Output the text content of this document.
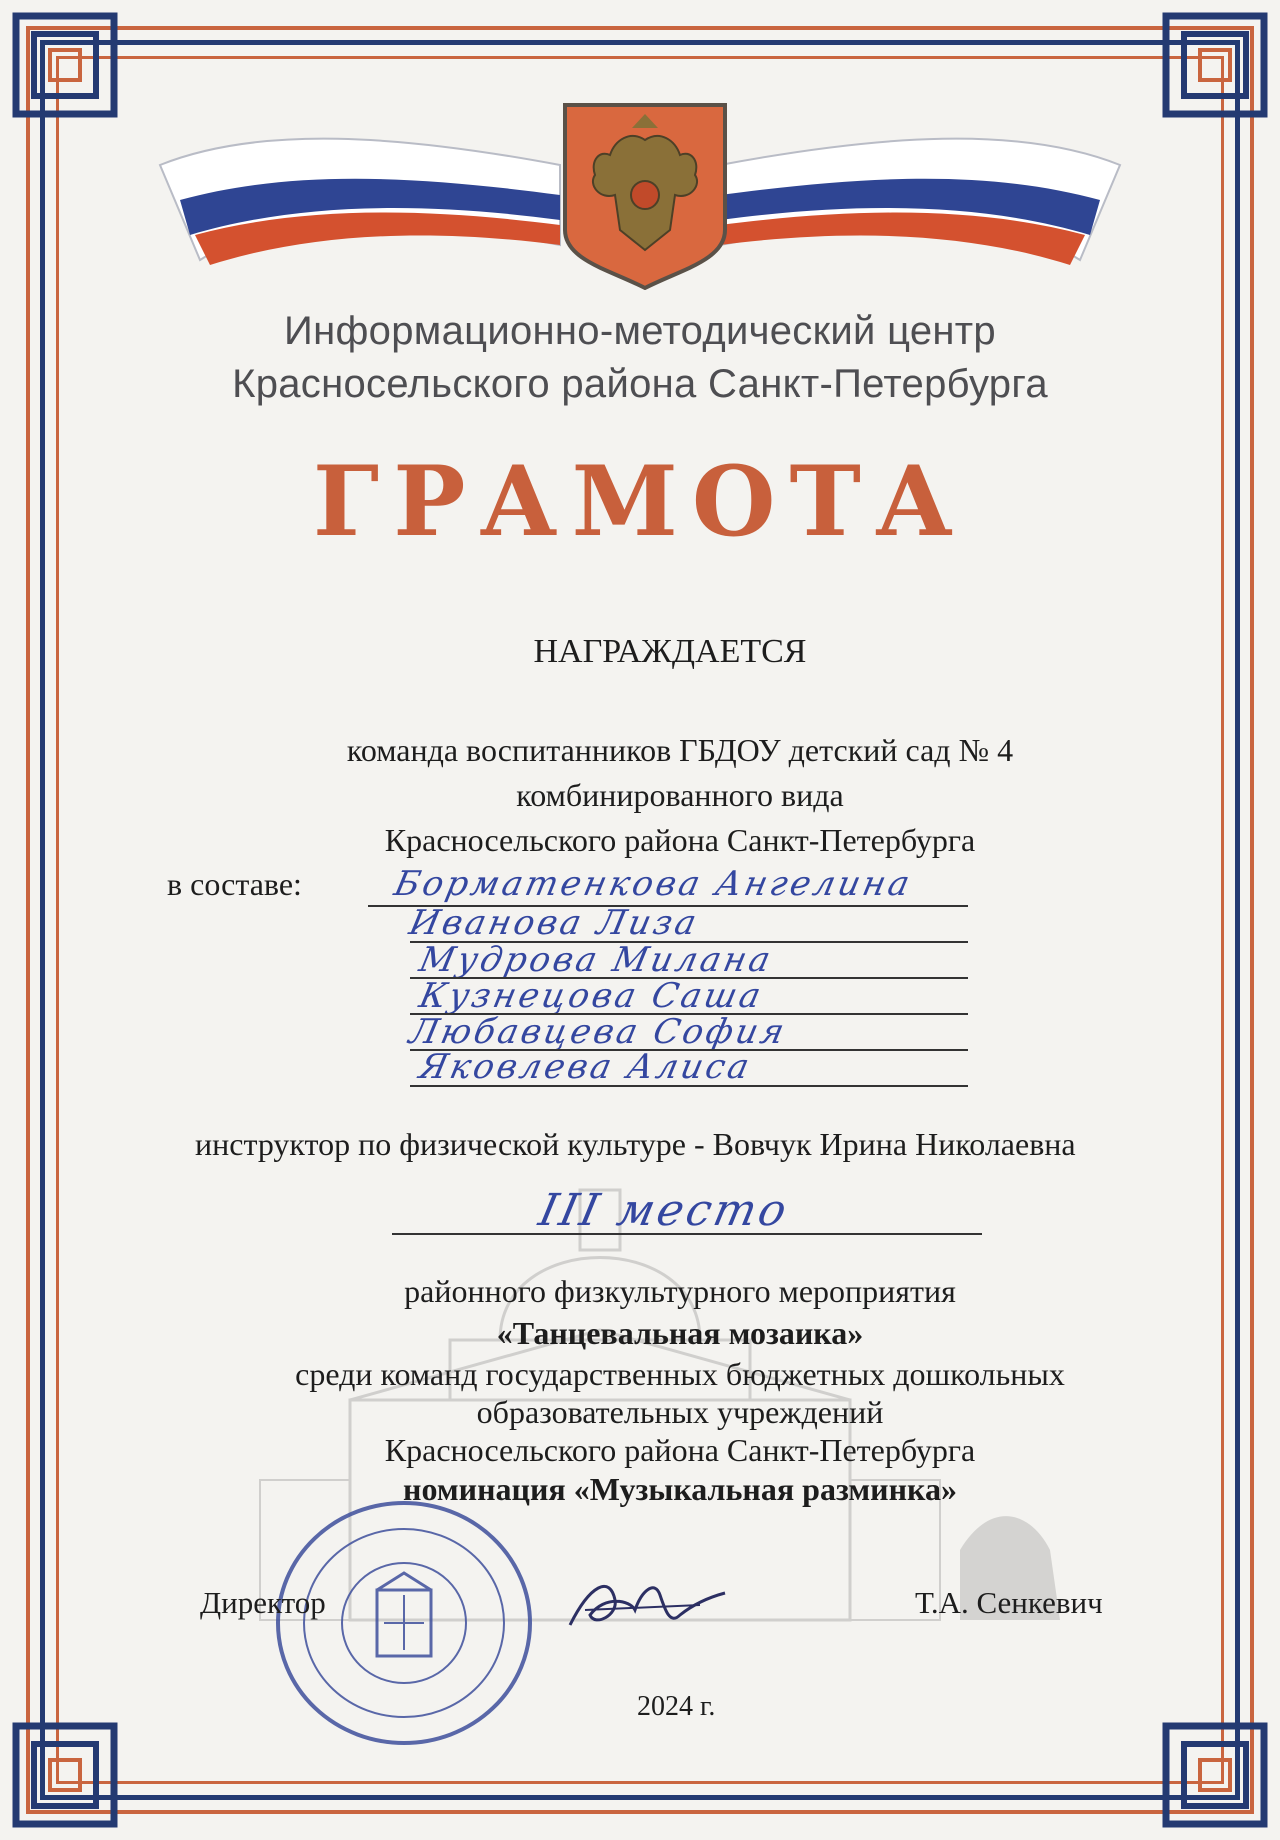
Информационно-методический центр
Красносельского района Санкт-Петербурга
ГРАМОТА
НАГРАЖДАЕТСЯ
команда воспитанников ГБДОУ детский сад № 4
комбинированного вида
Красносельского района Санкт-Петербурга
в составе:	Борматенкова Ангелина
Иванова Лиза
Мудрова Милана
Кузнецова Саша
Любавцева София
Яковлева Алиса
инструктор по физической культуре - Вовчук Ирина Николаевна
III место
районного физкультурного мероприятия
«Танцевальная мозаика»
среди команд государственных бюджетных дошкольных
образовательных учреждений
Красносельского района Санкт-Петербурга
номинация «Музыкальная разминка»
Директор	Т.А. Сенкевич
2024 г.
